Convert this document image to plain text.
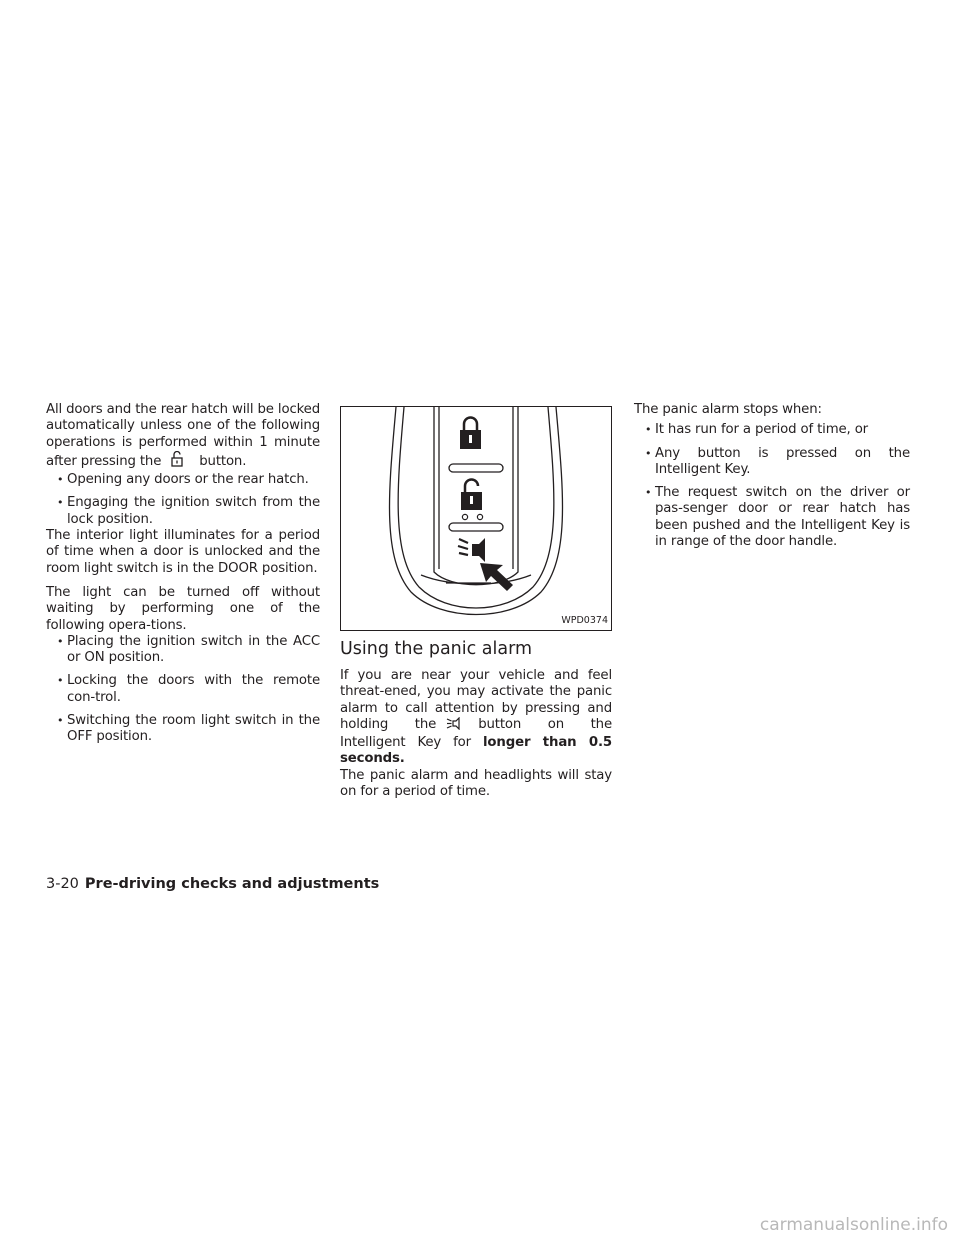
All doors and the rear hatch will be locked automatically unless one of the following operations is performed within 1 minute after pressing the	button.

• Opening any doors or the rear hatch.
• Engaging the ignition switch from the lock position.

The interior light illuminates for a period of time when a door is unlocked and the room light switch is in the DOOR position.

The light can be turned off without waiting by performing one of the following opera-tions.

• Placing the ignition switch in the ACC or ON position.
• Locking the doors with the remote con-trol.
• Switching the room light switch in the OFF position.
WPD0374
Using the panic alarm

If you are near your vehicle and feel threat-ened, you may activate the panic alarm to call attention by pressing and holding the	button on the Intelligent Key for longer than 0.5 seconds.

The panic alarm and headlights will stay on for a period of time.

The panic alarm stops when:

• It has run for a period of time, or
• Any button is pressed on the Intelligent Key.
• The request switch on the driver or pas-senger door or rear hatch has been pushed and the Intelligent Key is in range of the door handle.
3-20 Pre-driving checks and adjustments
carmanualsonline.info
